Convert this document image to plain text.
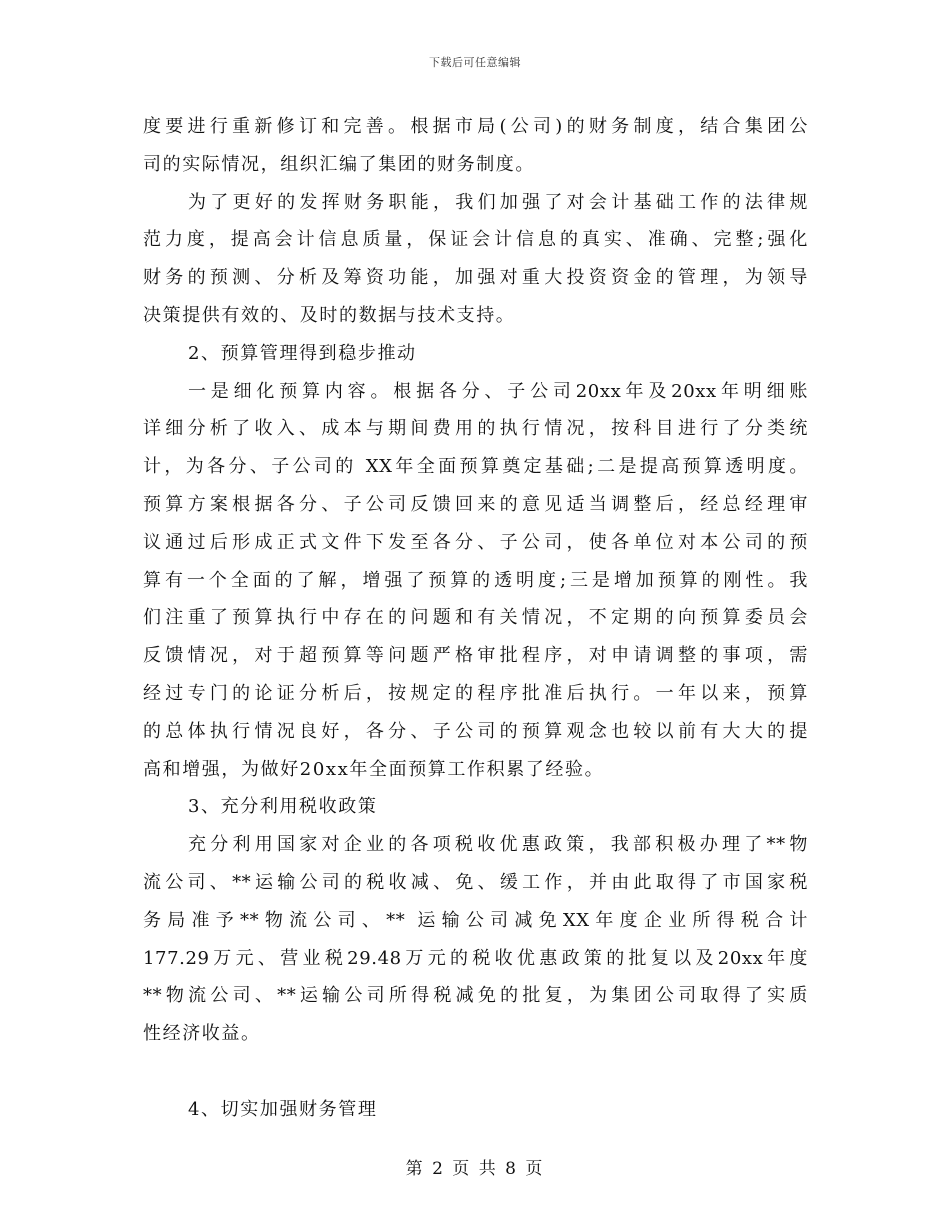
下载后可任意编辑
度要进行重新修订和完善。根据市局(公司)的财务制度，结合集团公
司的实际情况，组织汇编了集团的财务制度。
为了更好的发挥财务职能，我们加强了对会计基础工作的法律规
范力度，提高会计信息质量，保证会计信息的真实、准确、完整;强化
财务的预测、分析及筹资功能，加强对重大投资资金的管理，为领导
决策提供有效的、及时的数据与技术支持。
2、预算管理得到稳步推动
一是细化预算内容。根据各分、子公司20xx年及20xx年明细账
详细分析了收入、成本与期间费用的执行情况，按科目进行了分类统
计，为各分、子公司的 XX年全面预算奠定基础;二是提高预算透明度。
预算方案根据各分、子公司反馈回来的意见适当调整后，经总经理审
议通过后形成正式文件下发至各分、子公司，使各单位对本公司的预
算有一个全面的了解，增强了预算的透明度;三是增加预算的刚性。我
们注重了预算执行中存在的问题和有关情况，不定期的向预算委员会
反馈情况，对于超预算等问题严格审批程序，对申请调整的事项，需
经过专门的论证分析后，按规定的程序批准后执行。一年以来，预算
的总体执行情况良好，各分、子公司的预算观念也较以前有大大的提
高和增强，为做好20xx年全面预算工作积累了经验。
3、充分利用税收政策
充分利用国家对企业的各项税收优惠政策，我部积极办理了**物
流公司、**运输公司的税收减、免、缓工作，并由此取得了市国家税
务局准予**物流公司、** 运输公司减免XX年度企业所得税合计
177.29万元、营业税29.48万元的税收优惠政策的批复以及20xx年度
**物流公司、**运输公司所得税减免的批复，为集团公司取得了实质
性经济收益。
4、切实加强财务管理
第 2 页 共 8 页
